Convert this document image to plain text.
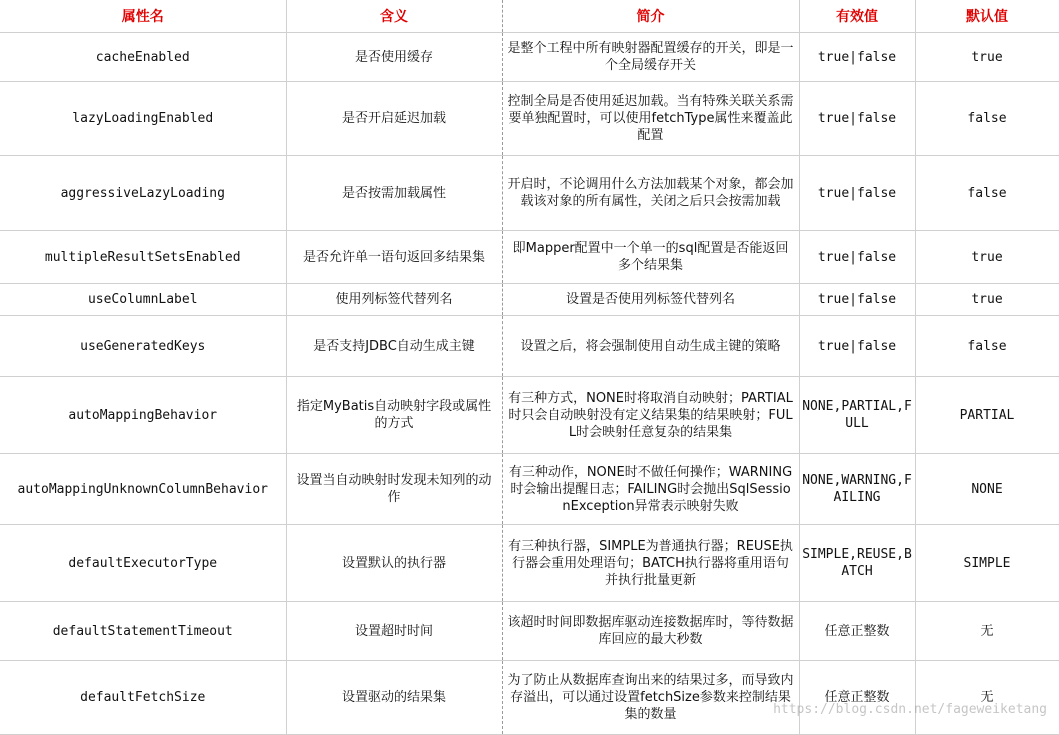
属性名	含义	简介	有效值	默认值
cacheEnabled	是否使用缓存	是整个工程中所有映射器配置缓存的开关，即是一个全局缓存开关	true|false	true
lazyLoadingEnabled	是否开启延迟加载	控制全局是否使用延迟加载。当有特殊关联关系需要单独配置时，可以使用fetchType属性来覆盖此配置	true|false	false
aggressiveLazyLoading	是否按需加载属性	开启时，不论调用什么方法加载某个对象，都会加载该对象的所有属性，关闭之后只会按需加载	true|false	false
multipleResultSetsEnabled	是否允许单一语句返回多结果集	即Mapper配置中一个单一的sql配置是否能返回多个结果集	true|false	true
useColumnLabel	使用列标签代替列名	设置是否使用列标签代替列名	true|false	true
useGeneratedKeys	是否支持JDBC自动生成主键	设置之后，将会强制使用自动生成主键的策略	true|false	false
autoMappingBehavior	指定MyBatis自动映射字段或属性的方式	有三种方式，NONE时将取消自动映射；PARTIAL时只会自动映射没有定义结果集的结果映射；FULL时会映射任意复杂的结果集	NONE,PARTIAL,FULL	PARTIAL
autoMappingUnknownColumnBehavior	设置当自动映射时发现未知列的动作	有三种动作，NONE时不做任何操作；WARNING时会输出提醒日志；FAILING时会抛出SqlSessionException异常表示映射失败	NONE,WARNING,FAILING	NONE
defaultExecutorType	设置默认的执行器	有三种执行器，SIMPLE为普通执行器；REUSE执行器会重用处理语句；BATCH执行器将重用语句并执行批量更新	SIMPLE,REUSE,BATCH	SIMPLE
defaultStatementTimeout	设置超时时间	该超时时间即数据库驱动连接数据库时，等待数据库回应的最大秒数	任意正整数	无
defaultFetchSize	设置驱动的结果集	为了防止从数据库查询出来的结果过多，而导致内存溢出，可以通过设置fetchSize参数来控制结果集的数量	任意正整数	无
https://blog.csdn.net/fageweiketang
